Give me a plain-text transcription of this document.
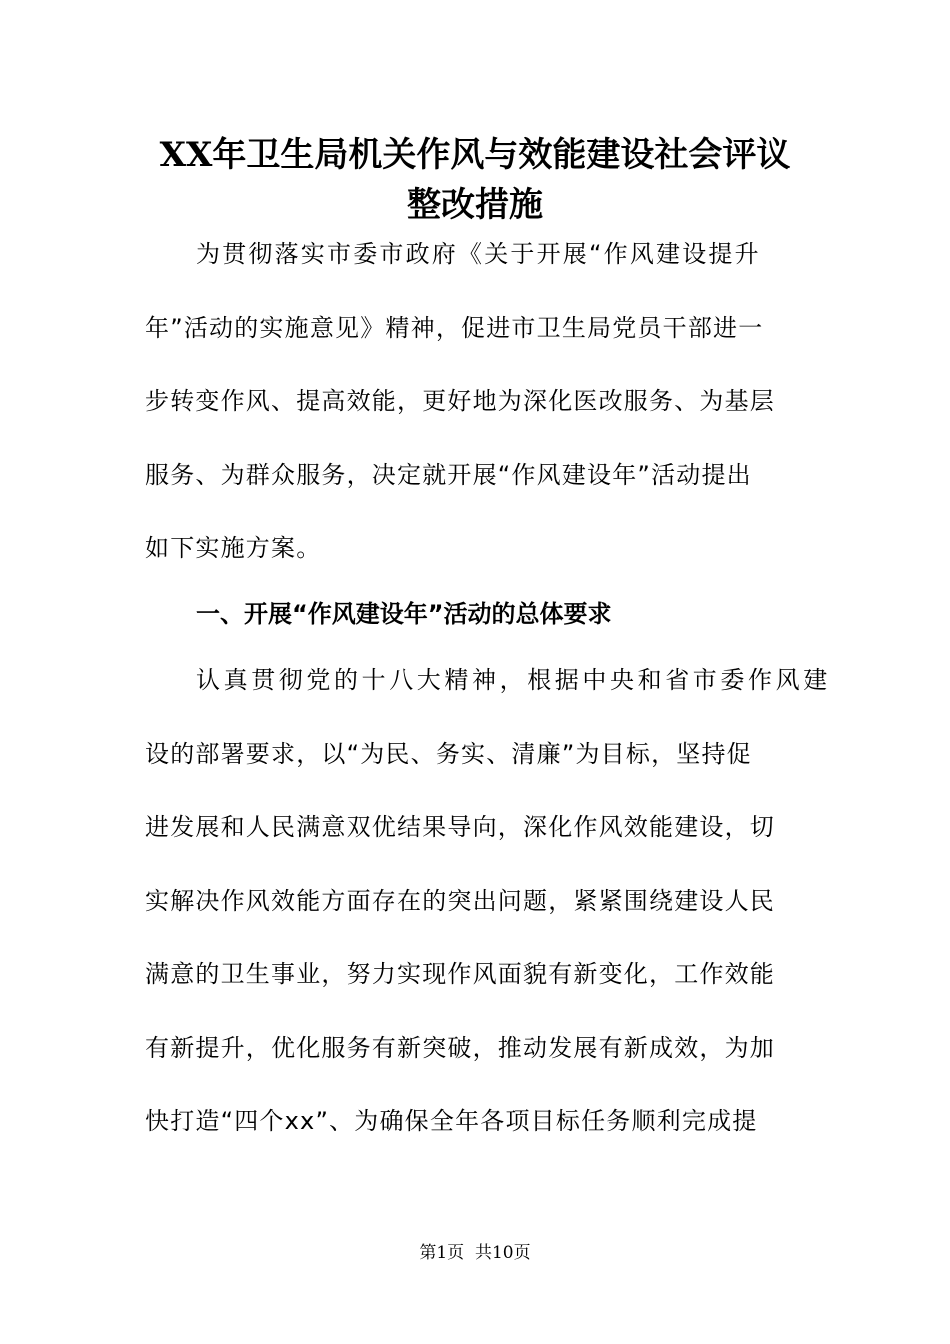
XX年卫生局机关作风与效能建设社会评议
整改措施
为贯彻落实市委市政府《关于开展“作风建设提升
年”活动的实施意见》精神，促进市卫生局党员干部进一
步转变作风、提高效能，更好地为深化医改服务、为基层
服务、为群众服务，决定就开展“作风建设年”活动提出
如下实施方案。
一、开展“作风建设年”活动的总体要求
认真贯彻党的十八大精神，根据中央和省市委作风建
设的部署要求，以“为民、务实、清廉”为目标，坚持促
进发展和人民满意双优结果导向，深化作风效能建设，切
实解决作风效能方面存在的突出问题，紧紧围绕建设人民
满意的卫生事业，努力实现作风面貌有新变化，工作效能
有新提升，优化服务有新突破，推动发展有新成效，为加
快打造“四个xx”、为确保全年各项目标任务顺利完成提
第1页  共10页
